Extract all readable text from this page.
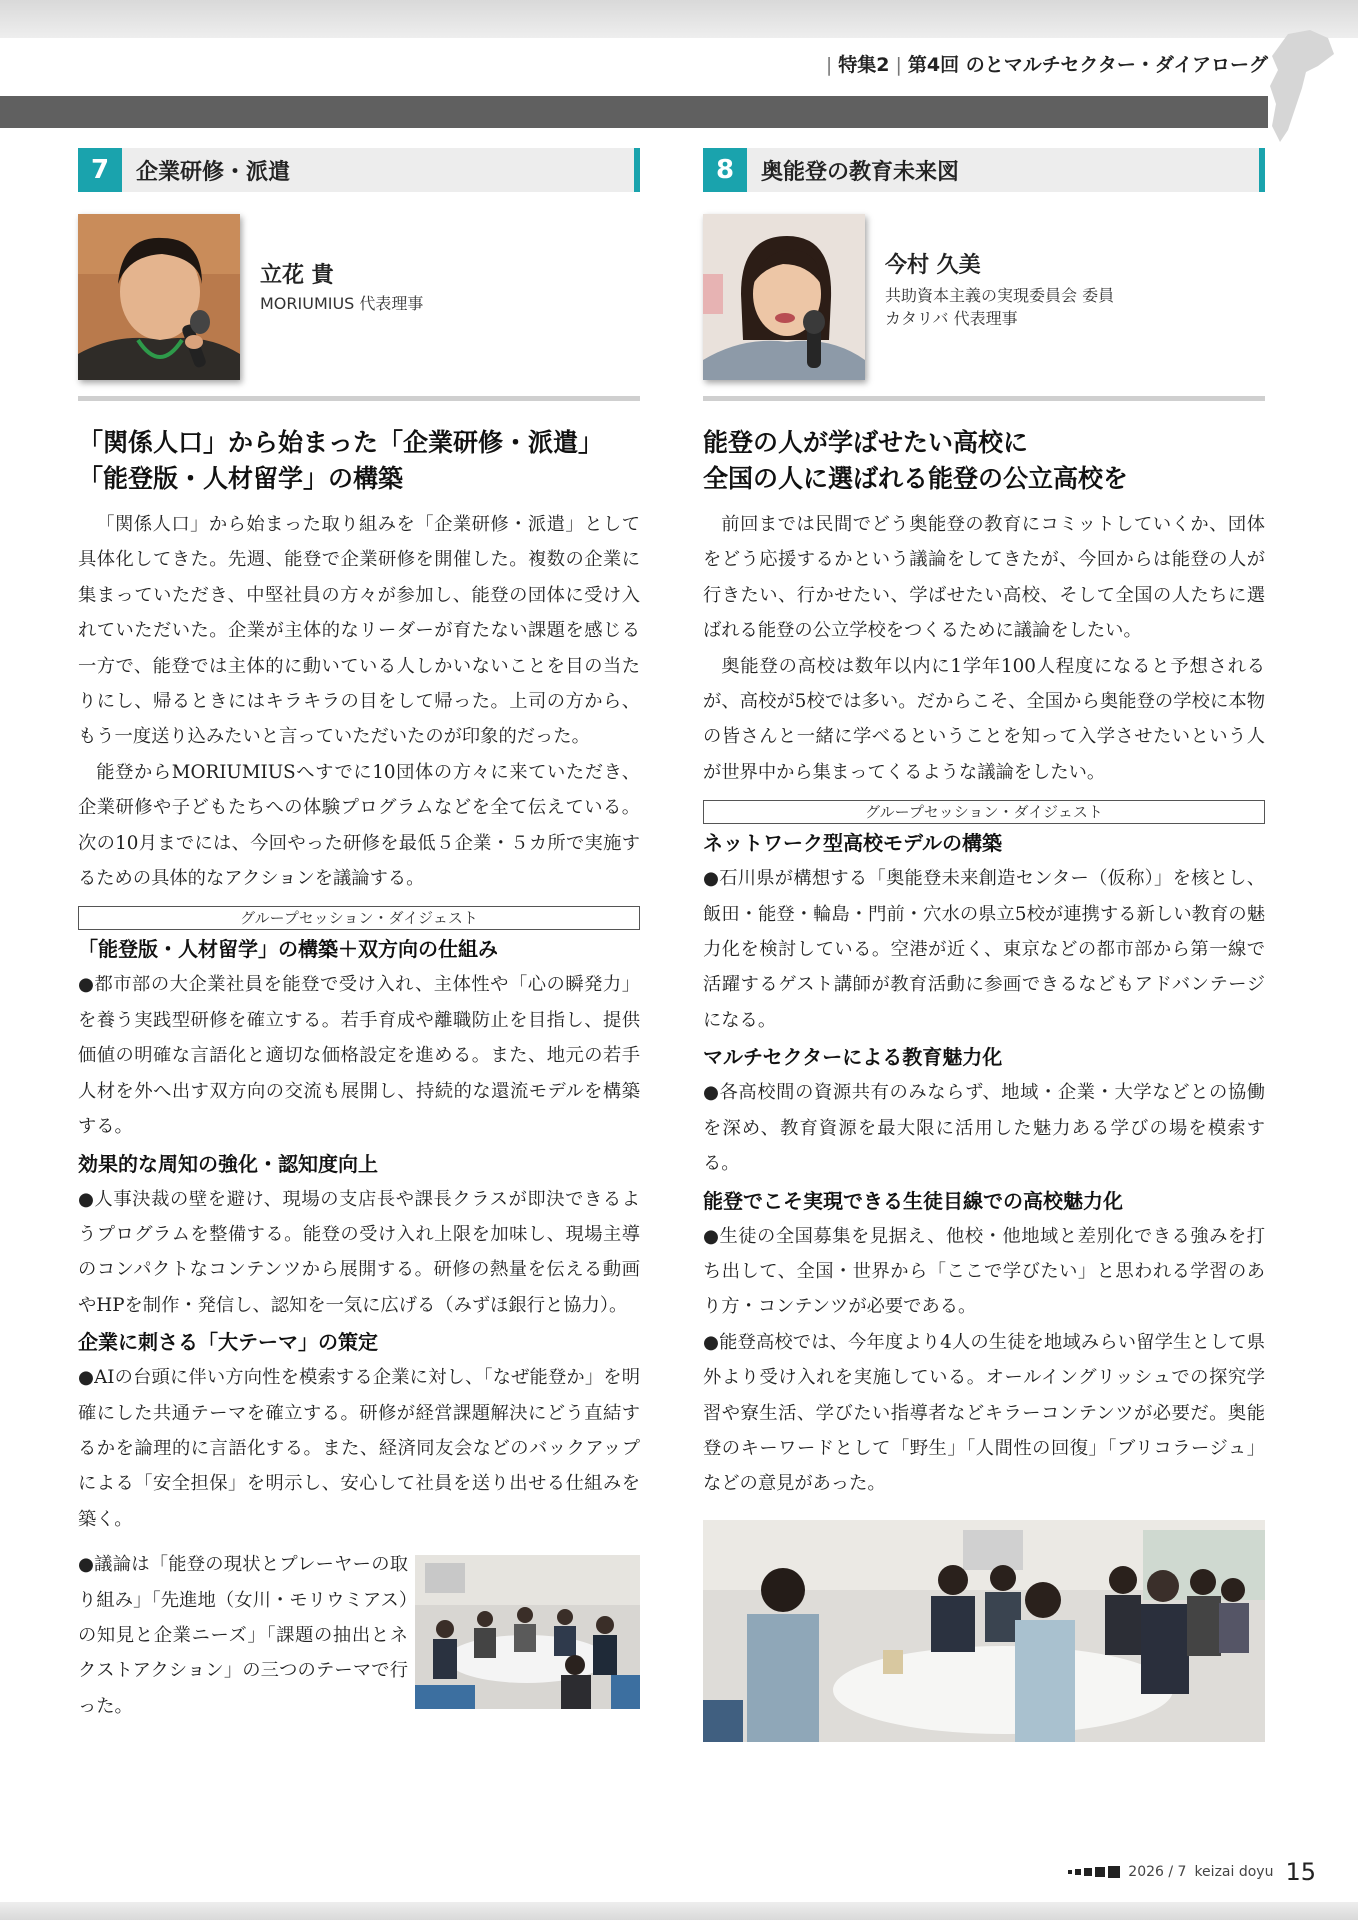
| 特集2 | 第4回 のとマルチセクター・ダイアローグ
7	企業研修・派遣
立花 貴
MORIUMIUS 代表理事
「関係人口」から始まった「企業研修・派遣」
「能登版・人材留学」の構築

「関係人口」から始まった取り組みを「企業研修・派遣」として具体化してきた。先週、能登で企業研修を開催した。複数の企業に集まっていただき、中堅社員の方々が参加し、能登の団体に受け入れていただいた。企業が主体的なリーダーが育たない課題を感じる一方で、能登では主体的に動いている人しかいないことを目の当たりにし、帰るときにはキラキラの目をして帰った。上司の方から、もう一度送り込みたいと言っていただいたのが印象的だった。

能登からMORIUMIUSへすでに10団体の方々に来ていただき、企業研修や子どもたちへの体験プログラムなどを全て伝えている。次の10月までには、今回やった研修を最低５企業・５カ所で実施するための具体的なアクションを議論する。

グループセッション・ダイジェスト
「能登版・人材留学」の構築＋双方向の仕組み

●都市部の大企業社員を能登で受け入れ、主体性や「心の瞬発力」を養う実践型研修を確立する。若手育成や離職防止を目指し、提供価値の明確な言語化と適切な価格設定を進める。また、地元の若手人材を外へ出す双方向の交流も展開し、持続的な還流モデルを構築する。

効果的な周知の強化・認知度向上

●人事決裁の壁を避け、現場の支店長や課長クラスが即決できるようプログラムを整備する。能登の受け入れ上限を加味し、現場主導のコンパクトなコンテンツから展開する。研修の熱量を伝える動画やHPを制作・発信し、認知を一気に広げる（みずほ銀行と協力）。

企業に刺さる「大テーマ」の策定

●AIの台頭に伴い方向性を模索する企業に対し、「なぜ能登か」を明確にした共通テーマを確立する。研修が経営課題解決にどう直結するかを論理的に言語化する。また、経済同友会などのバックアップによる「安全担保」を明示し、安心して社員を送り出せる仕組みを築く。

●議論は「能登の現状とプレーヤーの取り組み」「先進地（女川・モリウミアス）の知見と企業ニーズ」「課題の抽出とネクストアクション」の三つのテーマで行った。

8	奥能登の教育未来図
今村 久美
共助資本主義の実現委員会 委員
カタリバ 代表理事
能登の人が学ばせたい高校に
全国の人に選ばれる能登の公立高校を

前回までは民間でどう奥能登の教育にコミットしていくか、団体をどう応援するかという議論をしてきたが、今回からは能登の人が行きたい、行かせたい、学ばせたい高校、そして全国の人たちに選ばれる能登の公立学校をつくるために議論をしたい。

奥能登の高校は数年以内に1学年100人程度になると予想されるが、高校が5校では多い。だからこそ、全国から奥能登の学校に本物の皆さんと一緒に学べるということを知って入学させたいという人が世界中から集まってくるような議論をしたい。

グループセッション・ダイジェスト
ネットワーク型高校モデルの構築

●石川県が構想する「奥能登未来創造センター（仮称）」を核とし、飯田・能登・輪島・門前・穴水の県立5校が連携する新しい教育の魅力化を検討している。空港が近く、東京などの都市部から第一線で活躍するゲスト講師が教育活動に参画できるなどもアドバンテージになる。

マルチセクターによる教育魅力化

●各高校間の資源共有のみならず、地域・企業・大学などとの協働を深め、教育資源を最大限に活用した魅力ある学びの場を模索する。

能登でこそ実現できる生徒目線での高校魅力化

●生徒の全国募集を見据え、他校・他地域と差別化できる強みを打ち出して、全国・世界から「ここで学びたい」と思われる学習のあり方・コンテンツが必要である。

●能登高校では、今年度より4人の生徒を地域みらい留学生として県外より受け入れを実施している。オールイングリッシュでの探究学習や寮生活、学びたい指導者などキラーコンテンツが必要だ。奥能登のキーワードとして「野生」「人間性の回復」「ブリコラージュ」などの意見があった。

2026 / 7 keizai doyu 15
